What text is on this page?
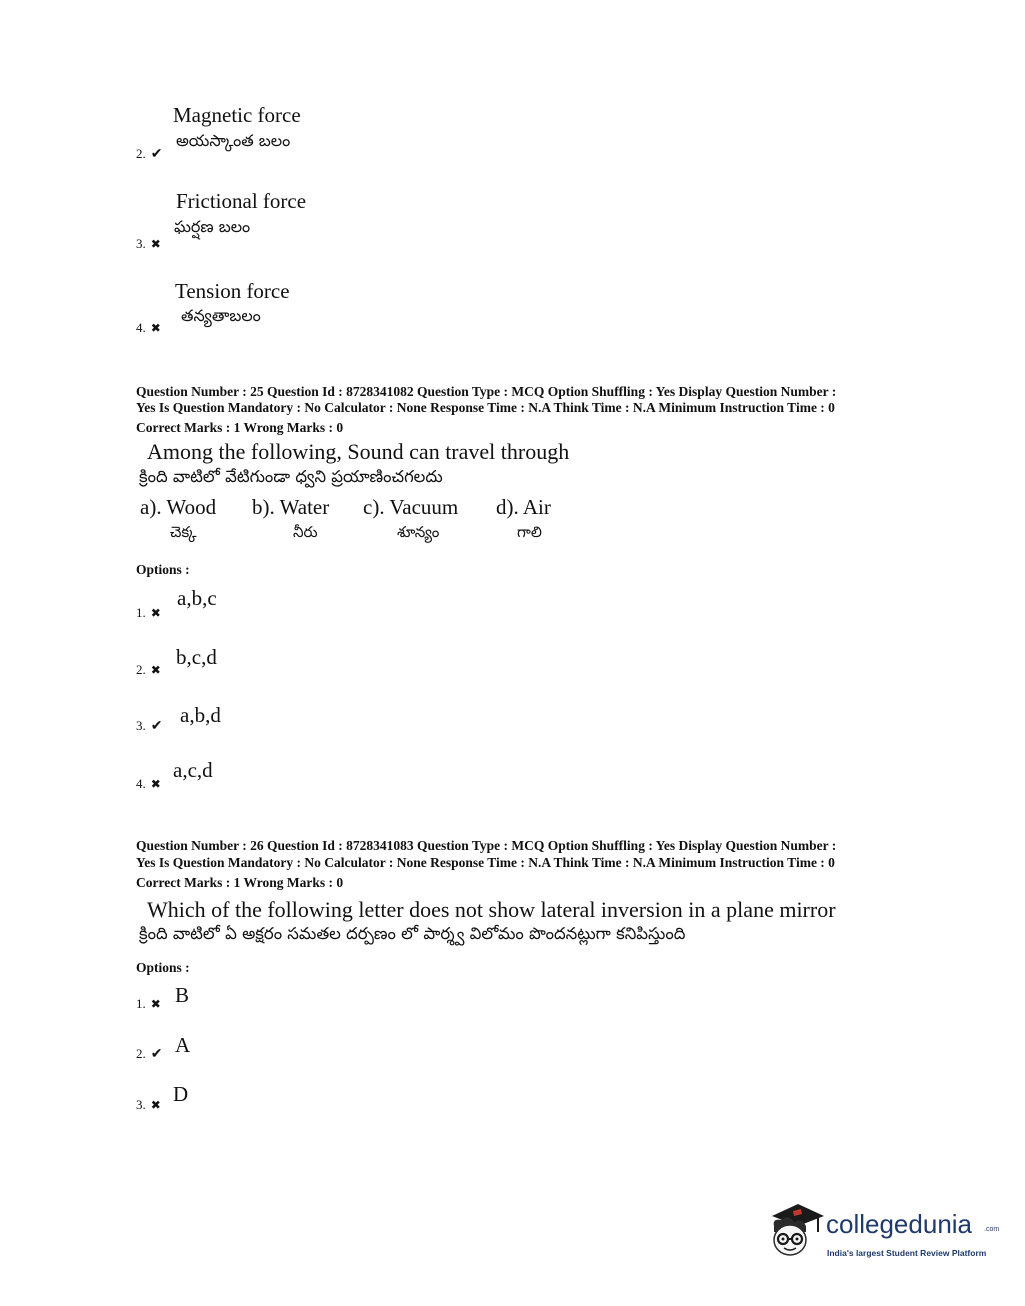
Magnetic force
అయస్కాంత బలం
2. ✔
Frictional force
ఘర్షణ బలం
3. ✖
Tension force
తన్యతాబలం
4. ✖
Question Number : 25 Question Id : 8728341082 Question Type : MCQ Option Shuffling : Yes Display Question Number :
Yes Is Question Mandatory : No Calculator : None Response Time : N.A Think Time : N.A Minimum Instruction Time : 0
Correct Marks : 1 Wrong Marks : 0
Among the following, Sound can travel through
క్రింది వాటిలో వేటిగుండా ధ్వని ప్రయాణించగలదు
a). Wood b). Water c). Vacuum d). Air
చెక్క	నీరు	శూన్యం	గాలి
Options :
1. ✖
a,b,c
2. ✖
b,c,d
3. ✔ a,b,d
4. ✖
a,c,d
Question Number : 26 Question Id : 8728341083 Question Type : MCQ Option Shuffling : Yes Display Question Number :
Yes Is Question Mandatory : No Calculator : None Response Time : N.A Think Time : N.A Minimum Instruction Time : 0
Correct Marks : 1 Wrong Marks : 0
Which of the following letter does not show lateral inversion in a plane mirror
క్రింది వాటిలో ఏ అక్షరం సమతల దర్పణం లో పార్శ్వ విలోమం పొందనట్లుగా కనిపిస్తుంది
Options :
1. ✖ B
2. ✔ A
3. ✖ D
collegedunia .com
India's largest Student Review Platform
